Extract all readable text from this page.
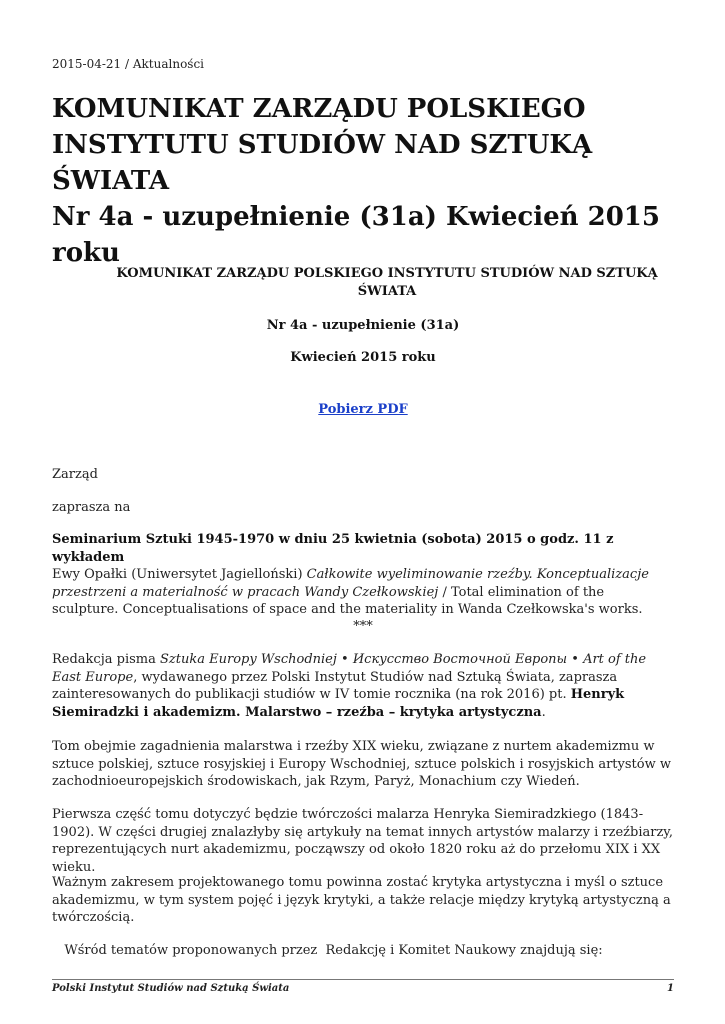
2015-04-21 / Aktualności
KOMUNIKAT ZARZĄDU POLSKIEGO
INSTYTUTU STUDIÓW NAD SZTUKĄ ŚWIATA
Nr 4a - uzupełnienie (31a) Kwiecień 2015
roku
KOMUNIKAT ZARZĄDU POLSKIEGO INSTYTUTU STUDIÓW NAD SZTUKĄ
ŚWIATA
Nr 4a - uzupełnienie (31a)
Kwiecień 2015 roku
Pobierz PDF

Zarząd

zaprasza na

Seminarium Sztuki 1945-1970 w dniu 25 kwietnia (sobota) 2015 o godz. 11 z wykładem
Ewy Opałki (Uniwersytet Jagielloński) Całkowite wyeliminowanie rzeźby. Konceptualizacje przestrzeni a materialność w pracach Wandy Czełkowskiej / Total elimination of the sculpture. Conceptualisations of space and the materiality in Wanda Czełkowska's works.

***

Redakcja pisma Sztuka Europy Wschodniej • Искусство Восточной Европы • Art of the East Europe, wydawanego przez Polski Instytut Studiów nad Sztuką Świata, zaprasza zainteresowanych do publikacji studiów w IV tomie rocznika (na rok 2016) pt. Henryk Siemiradzki i akademizm. Malarstwo – rzeźba – krytyka artystyczna.

Tom obejmie zagadnienia malarstwa i rzeźby XIX wieku, związane z nurtem akademizmu w sztuce polskiej, sztuce rosyjskiej i Europy Wschodniej, sztuce polskich i rosyjskich artystów w zachodnioeuropejskich środowiskach, jak Rzym, Paryż, Monachium czy Wiedeń.

Pierwsza część tomu dotyczyć będzie twórczości malarza Henryka Siemiradzkiego (1843-1902). W części drugiej znalazłyby się artykuły na temat innych artystów malarzy i rzeźbiarzy, reprezentujących nurt akademizmu, począwszy od około 1820 roku aż do przełomu XIX i XX wieku.

Ważnym zakresem projektowanego tomu powinna zostać krytyka artystyczna i myśl o sztuce akademizmu, w tym system pojęć i język krytyki, a także relacje między krytyką artystyczną a twórczością.

Wśród tematów proponowanych przez  Redakcję i Komitet Naukowy znajdują się:

Polski Instytut Studiów nad Sztuką Świata	1
